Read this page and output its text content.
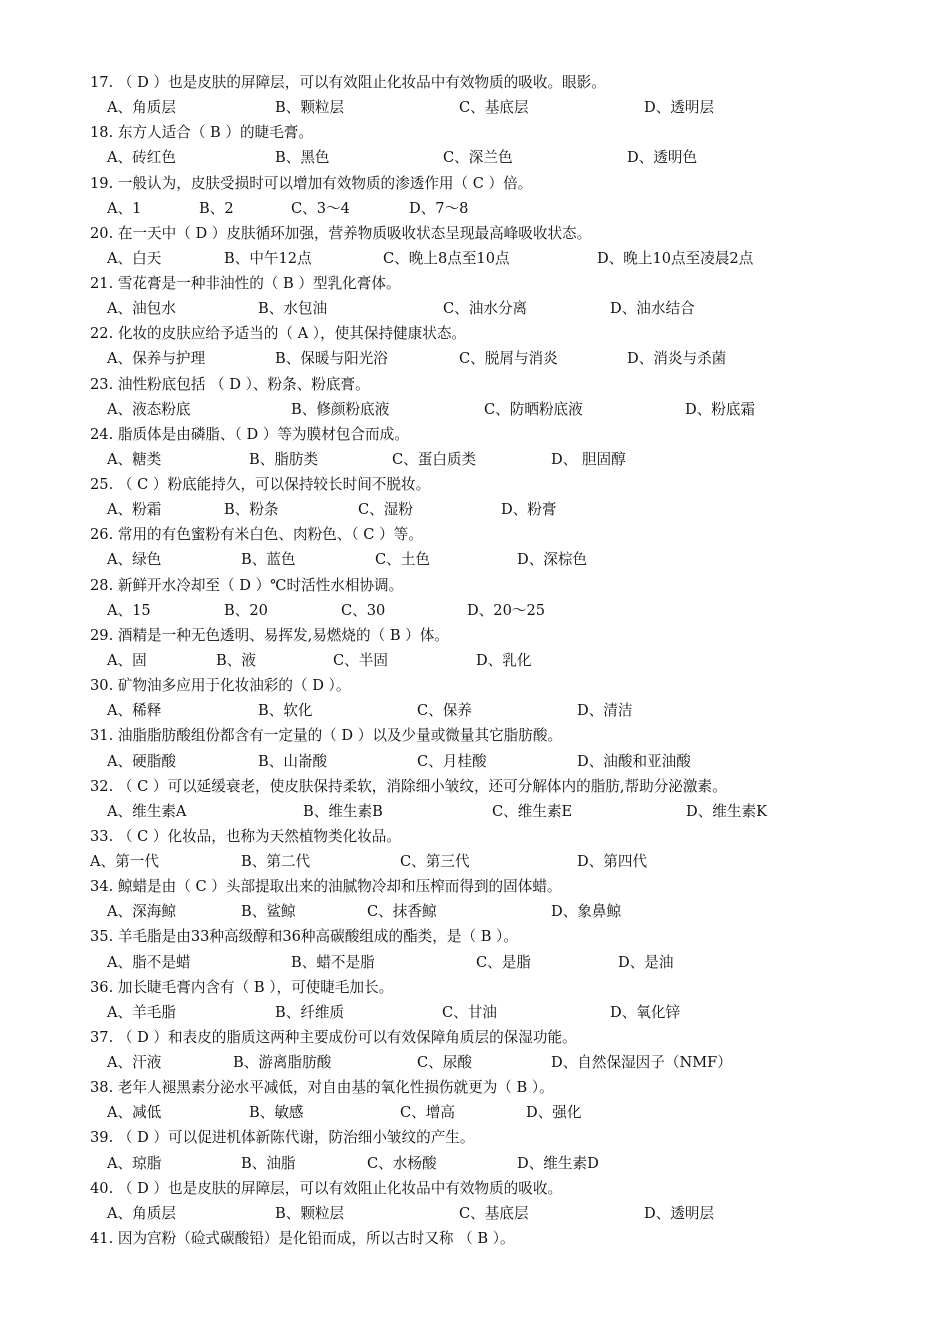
17. （ D ）也是皮肤的屏障层，可以有效阻止化妆品中有效物质的吸收。眼影。
A、角质层	B、颗粒层	C、基底层	D、透明层
18. 东方人适合（ B ）的睫毛膏。
A、砖红色	B、黑色	C、深兰色	D、透明色
19. 一般认为，皮肤受损时可以增加有效物质的渗透作用（ C ）倍。
A、1	B、2	C、3～4	D、7～8
20. 在一天中（ D ）皮肤循环加强，营养物质吸收状态呈现最高峰吸收状态。
A、白天	B、中午12点	C、晚上8点至10点	D、晚上10点至凌晨2点
21. 雪花膏是一种非油性的（ B ）型乳化膏体。
A、油包水	B、水包油	C、油水分离	D、油水结合
22. 化妆的皮肤应给予适当的（ A ），使其保持健康状态。
A、保养与护理	B、保暖与阳光浴	C、脱屑与消炎	D、消炎与杀菌
23. 油性粉底包括 （ D ）、粉条、粉底膏。
A、液态粉底	B、修颜粉底液	C、防晒粉底液	D、粉底霜
24. 脂质体是由磷脂、（ D ）等为膜材包合而成。
A、糖类	B、脂肪类	C、蛋白质类	D、 胆固醇
25. （ C ）粉底能持久，可以保持较长时间不脱妆。
A、粉霜	B、粉条	C、湿粉	D、粉膏
26. 常用的有色蜜粉有米白色、肉粉色、（ C ）等。
A、绿色	B、蓝色	C、土色	D、深棕色
28. 新鲜开水冷却至（ D ）℃时活性水相协调。
A、15	B、20	C、30	D、20～25
29. 酒精是一种无色透明、易挥发,易燃烧的（ B ）体。
A、固	B、液	C、半固	D、乳化
30. 矿物油多应用于化妆油彩的（ D ）。
A、稀释	B、软化	C、保养	D、清洁
31. 油脂脂肪酸组份都含有一定量的（ D ）以及少量或微量其它脂肪酸。
A、硬脂酸	B、山嵛酸	C、月桂酸	D、油酸和亚油酸
32. （ C ）可以延缓衰老，使皮肤保持柔软，消除细小皱纹，还可分解体内的脂肪,帮助分泌激素。
A、维生素A	B、维生素B	C、维生素E	D、维生素K
33. （ C ）化妆品，也称为天然植物类化妆品。
A、第一代	B、第二代	C、第三代	D、第四代
34. 鲸蜡是由（ C ）头部提取出来的油腻物冷却和压榨而得到的固体蜡。
A、深海鲸	B、鲨鲸	C、抹香鲸	D、象鼻鲸
35. 羊毛脂是由33种高级醇和36种高碳酸组成的酯类，是（ B ）。
A、脂不是蜡	B、蜡不是脂	C、是脂	D、是油
36. 加长睫毛膏内含有（ B ），可使睫毛加长。
A、羊毛脂	B、纤维质	C、甘油	D、氧化锌
37. （ D ）和表皮的脂质这两种主要成份可以有效保障角质层的保湿功能。
A、汗液	B、游离脂肪酸	C、尿酸	D、自然保湿因子（NMF）
38. 老年人褪黑素分泌水平减低，对自由基的氧化性损伤就更为（ B ）。
A、减低	B、敏感	C、增高	D、强化
39. （ D ）可以促进机体新陈代谢，防治细小皱纹的产生。
A、琼脂	B、油脂	C、水杨酸	D、维生素D
40. （ D ）也是皮肤的屏障层，可以有效阻止化妆品中有效物质的吸收。
A、角质层	B、颗粒层	C、基底层	D、透明层
41. 因为宫粉（硷式碳酸铅）是化铅而成，所以古时又称 （ B ）。
